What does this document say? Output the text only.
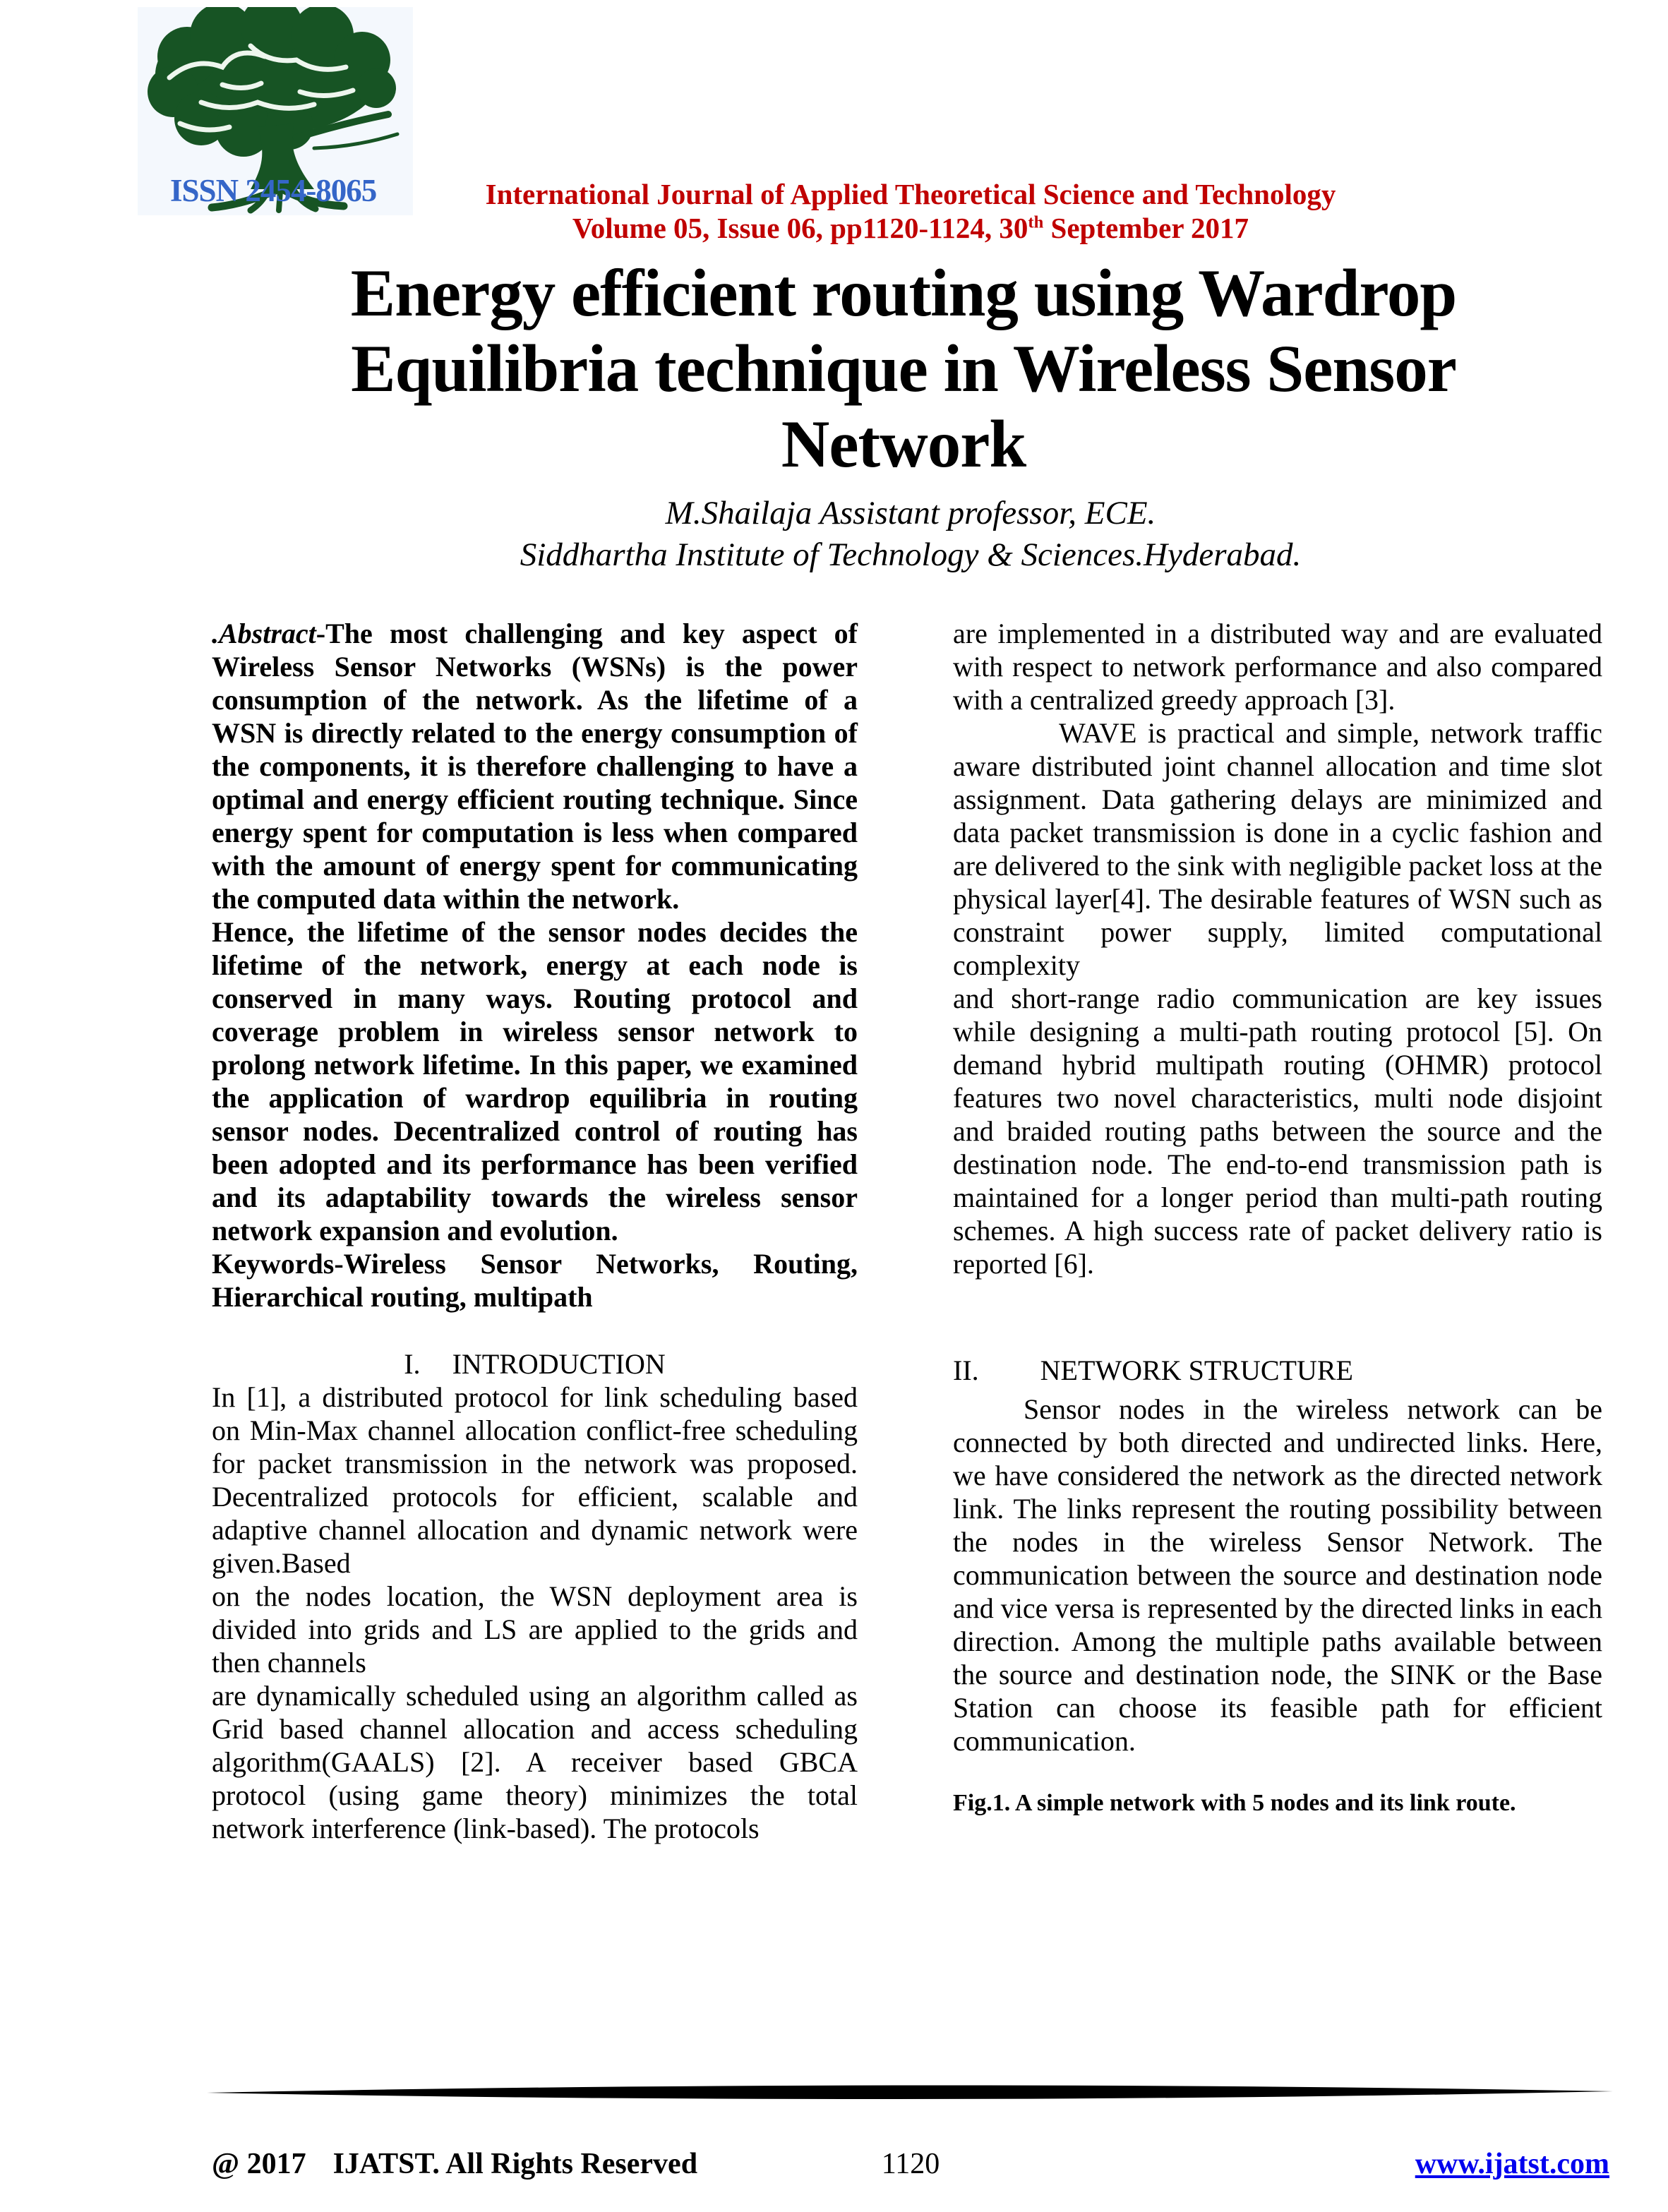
ISSN 2454-8065	International Journal of Applied Theoretical Science and Technology
Volume 05, Issue 06, pp1120-1124, 30th September 2017
Energy efficient routing using Wardrop
Equilibria technique in Wireless Sensor
Network
M.Shailaja Assistant professor, ECE.
Siddhartha Institute of Technology & Sciences.Hyderabad.

.Abstract-The most challenging and key aspect of Wireless Sensor Networks (WSNs) is the power consumption of the network. As the lifetime of a WSN is directly related to the energy consumption of the components, it is therefore challenging to have a optimal and energy efficient routing technique. Since energy spent for computation is less when compared with the amount of energy spent for communicating the computed data within the network.
Hence, the lifetime of the sensor nodes decides the lifetime of the network, energy at each node is conserved in many ways. Routing protocol and coverage problem in wireless sensor network to prolong network lifetime. In this paper, we examined the application of wardrop equilibria in routing sensor nodes. Decentralized control of routing has been adopted and its performance has been verified and its adaptability towards the wireless sensor network expansion and evolution.

Keywords-Wireless Sensor Networks, Routing, Hierarchical routing, multipath

I. INTRODUCTION

In [1], a distributed protocol for link scheduling based on Min-Max channel allocation conflict-free scheduling for packet transmission in the network was proposed. Decentralized protocols for efficient, scalable and adaptive channel allocation and dynamic network were given.Based
on the nodes location, the WSN deployment area is divided into grids and LS are applied to the grids and then channels
are dynamically scheduled using an algorithm called as Grid based channel allocation and access scheduling algorithm(GAALS) [2]. A receiver based GBCA protocol (using game theory) minimizes the total network interference (link-based). The protocols

are implemented in a distributed way and are evaluated with respect to network performance and also compared with a centralized greedy approach [3].

WAVE is practical and simple, network traffic aware distributed joint channel allocation and time slot assignment. Data gathering delays are minimized and data packet transmission is done in a cyclic fashion and are delivered to the sink with negligible packet loss at the physical layer[4]. The desirable features of WSN such as constraint power supply, limited computational complexity
and short-range radio communication are key issues while designing a multi-path routing protocol [5]. On demand hybrid multipath routing (OHMR) protocol features two novel characteristics, multi node disjoint and braided routing paths between the source and the destination node. The end-to-end transmission path is maintained for a longer period than multi-path routing schemes. A high success rate of packet delivery ratio is reported [6].

II. NETWORK STRUCTURE

Sensor nodes in the wireless network can be connected by both directed and undirected links. Here, we have considered the network as the directed network link. The links represent the routing possibility between the nodes in the wireless Sensor Network. The communication between the source and destination node and vice versa is represented by the directed links in each direction. Among the multiple paths available between the source and destination node, the SINK or the Base Station can choose its feasible path for efficient communication.

Fig.1. A simple network with 5 nodes and its link route.

@ 2017 IJATST. All Rights Reserved	1120	www.ijatst.com
